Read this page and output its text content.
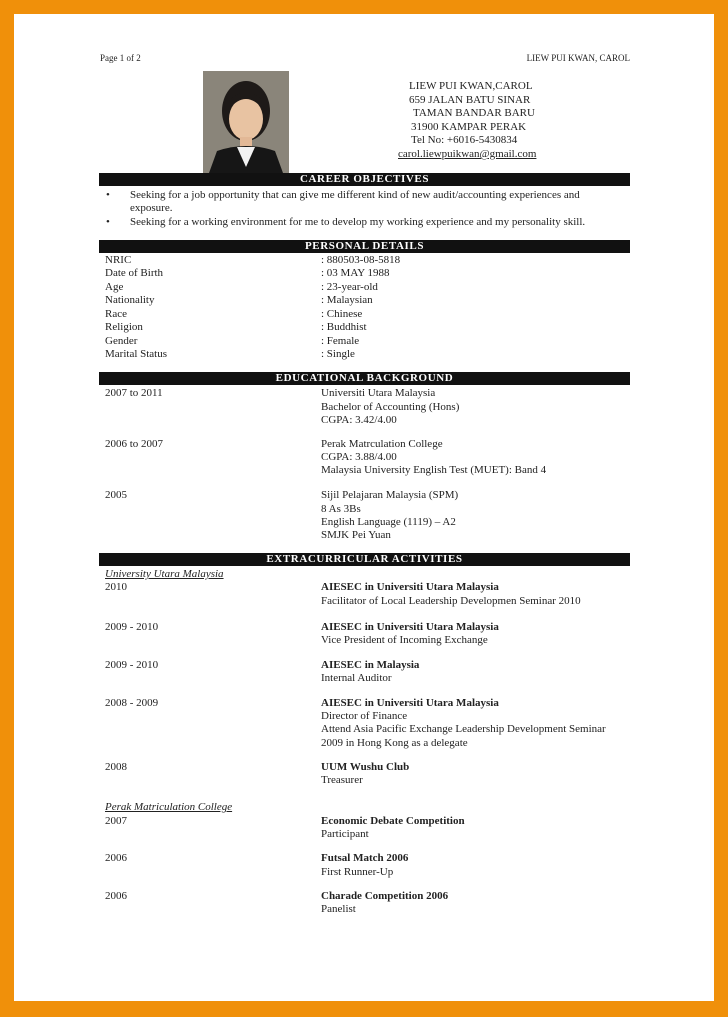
Page 1 of 2	LIEW PUI KWAN, CAROL
LIEW PUI KWAN,CAROL
659 JALAN BATU SINAR
TAMAN BANDAR BARU
31900 KAMPAR PERAK
Tel No: +6016-5430834
carol.liewpuikwan@gmail.com
CAREER OBJECTIVES
• Seeking for a job opportunity that can give me different kind of new audit/accounting experiences and
exposure.
• Seeking for a working environment for me to develop my working experience and my personality skill.
PERSONAL DETAILS
NRIC	: 880503-08-5818
Date of Birth	: 03 MAY 1988
Age	: 23-year-old
Nationality	: Malaysian
Race	: Chinese
Religion	: Buddhist
Gender	: Female
Marital Status	: Single
EDUCATIONAL BACKGROUND
2007 to 2011	Universiti Utara Malaysia
Bachelor of Accounting (Hons)
CGPA: 3.42/4.00
2006 to 2007	Perak Matrculation College
CGPA: 3.88/4.00
Malaysia University English Test (MUET): Band 4
2005	Sijil Pelajaran Malaysia (SPM)
8 As 3Bs
English Language (1119) – A2
SMJK Pei Yuan
EXTRACURRICULAR ACTIVITIES
University Utara Malaysia
2010	AIESEC in Universiti Utara Malaysia
Facilitator of Local Leadership Developmen Seminar 2010
2009 - 2010	AIESEC in Universiti Utara Malaysia
Vice President of Incoming Exchange
2009 - 2010	AIESEC in Malaysia
Internal Auditor
2008 - 2009	AIESEC in Universiti Utara Malaysia
Director of Finance
Attend Asia Pacific Exchange Leadership Development Seminar
2009 in Hong Kong as a delegate
2008	UUM Wushu Club
Treasurer
Perak Matriculation College
2007	Economic Debate Competition
Participant
2006	Futsal Match 2006
First Runner-Up
2006	Charade Competition 2006
Panelist
